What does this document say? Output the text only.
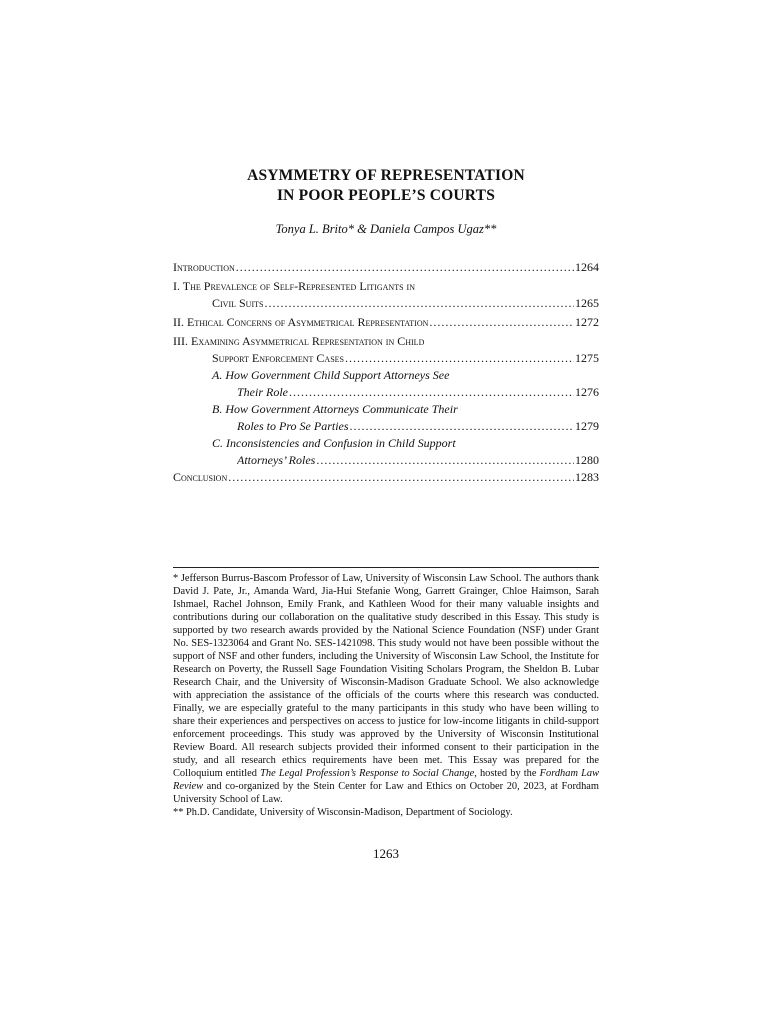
ASYMMETRY OF REPRESENTATION
IN POOR PEOPLE’S COURTS
Tonya L. Brito* & Daniela Campos Ugaz**
Introduction .....	1264
I. The Prevalence of Self-Represented Litigants in
Civil Suits .....	1265
II. Ethical Concerns of Asymmetrical Representation .....	1272
III. Examining Asymmetrical Representation in Child
Support Enforcement Cases .....	1275
A. How Government Child Support Attorneys See
Their Role .....	1276
B. How Government Attorneys Communicate Their
Roles to Pro Se Parties .....	1279
C. Inconsistencies and Confusion in Child Support
Attorneys’ Roles .....	1280
Conclusion .....	1283

* Jefferson Burrus-Bascom Professor of Law, University of Wisconsin Law School. The authors thank David J. Pate, Jr., Amanda Ward, Jia-Hui Stefanie Wong, Garrett Grainger, Chloe Haimson, Sarah Ishmael, Rachel Johnson, Emily Frank, and Kathleen Wood for their many valuable insights and contributions during our collaboration on the qualitative study described in this Essay. This study is supported by two research awards provided by the National Science Foundation (NSF) under Grant No. SES-1323064 and Grant No. SES-1421098. This study would not have been possible without the support of NSF and other funders, including the University of Wisconsin Law School, the Institute for Research on Poverty, the Russell Sage Foundation Visiting Scholars Program, the Sheldon B. Lubar Research Chair, and the University of Wisconsin-Madison Graduate School. We also acknowledge with appreciation the assistance of the officials of the courts where this research was conducted. Finally, we are especially grateful to the many participants in this study who have been willing to share their experiences and perspectives on access to justice for low-income litigants in child-support enforcement proceedings. This study was approved by the University of Wisconsin Institutional Review Board. All research subjects provided their informed consent to their participation in the study, and all research ethics requirements have been met. This Essay was prepared for the Colloquium entitled The Legal Profession’s Response to Social Change, hosted by the Fordham Law Review and co-organized by the Stein Center for Law and Ethics on October 20, 2023, at Fordham University School of Law.

** Ph.D. Candidate, University of Wisconsin-Madison, Department of Sociology.

1263
